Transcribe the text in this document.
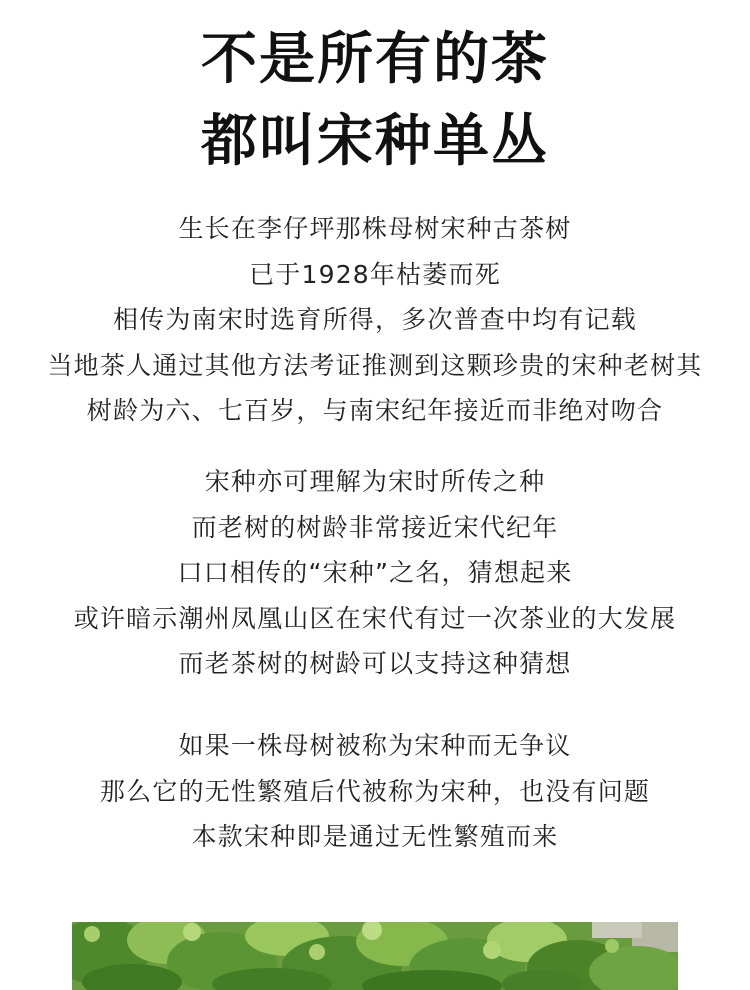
不是所有的茶
都叫宋种单丛
生长在李仔坪那株母树宋种古茶树
已于1928年枯萎而死
相传为南宋时选育所得，多次普查中均有记载
当地茶人通过其他方法考证推测到这颗珍贵的宋种老树其
树龄为六、七百岁，与南宋纪年接近而非绝对吻合
宋种亦可理解为宋时所传之种
而老树的树龄非常接近宋代纪年
口口相传的“宋种”之名，猜想起来
或许暗示潮州凤凰山区在宋代有过一次茶业的大发展
而老茶树的树龄可以支持这种猜想
如果一株母树被称为宋种而无争议
那么它的无性繁殖后代被称为宋种，也没有问题
本款宋种即是通过无性繁殖而来
